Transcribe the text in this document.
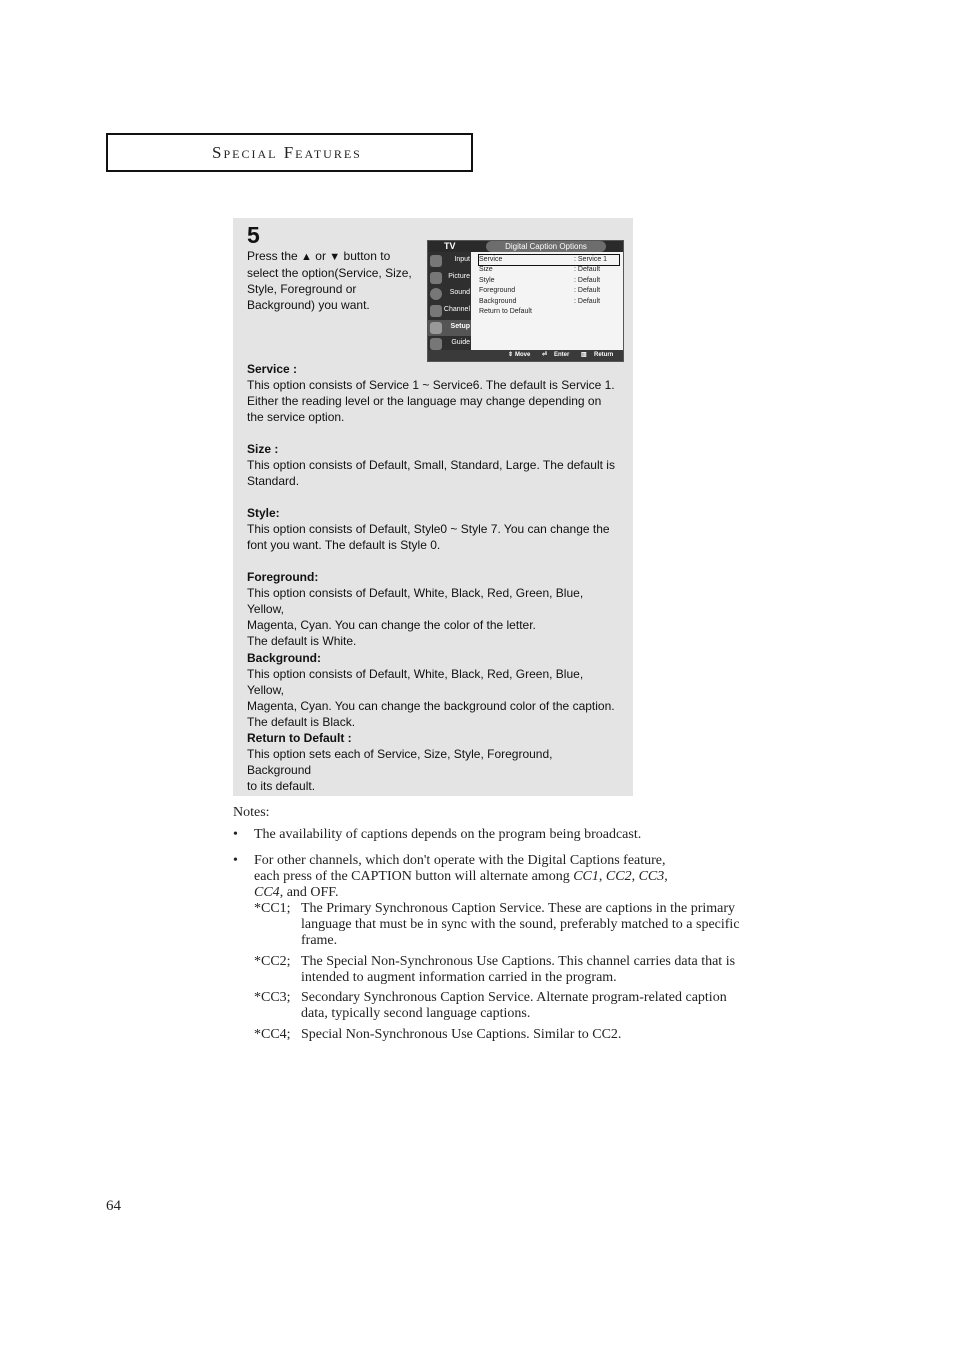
Special Features
5
Press the ▲ or ▼ button to select the option(Service, Size, Style, Foreground or Background) you want.
TV	Digital Caption Options
Input
Picture
Sound
Channel
Setup
Guide
Service	: Service 1
Size	: Default
Style	: Default
Foreground	: Default
Background	: Default
Return to Default
⇕ Move ⏎ Enter ▥ Return
Service :
This option consists of Service 1 ~ Service6. The default is Service 1.
Either the reading level or the language may change depending on
the service option.
Size :
This option consists of Default, Small, Standard, Large. The default is
Standard.
Style:
This option consists of Default, Style0 ~ Style 7. You can change the
font you want. The default is Style 0.
Foreground:
This option consists of Default, White, Black, Red, Green, Blue, Yellow,
Magenta, Cyan. You can change the color of the letter.
The default is White.
Background:
This option consists of Default, White, Black, Red, Green, Blue, Yellow,
Magenta, Cyan. You can change the background color of the caption.
The default is Black.
Return to Default :
This option sets each of Service, Size, Style, Foreground, Background
to its default.
Notes:
• The availability of captions depends on the program being broadcast.
• For other channels, which don't operate with the Digital Captions feature,
each press of the CAPTION button will alternate among CC1, CC2, CC3,
CC4, and OFF.
*CC1; The Primary Synchronous Caption Service. These are captions in the primary language that must be in sync with the sound, preferably matched to a specific frame.
*CC2; The Special Non-Synchronous Use Captions. This channel carries data that is intended to augment information carried in the program.
*CC3; Secondary Synchronous Caption Service. Alternate program-related caption data, typically second language captions.
*CC4; Special Non-Synchronous Use Captions. Similar to CC2.
64
